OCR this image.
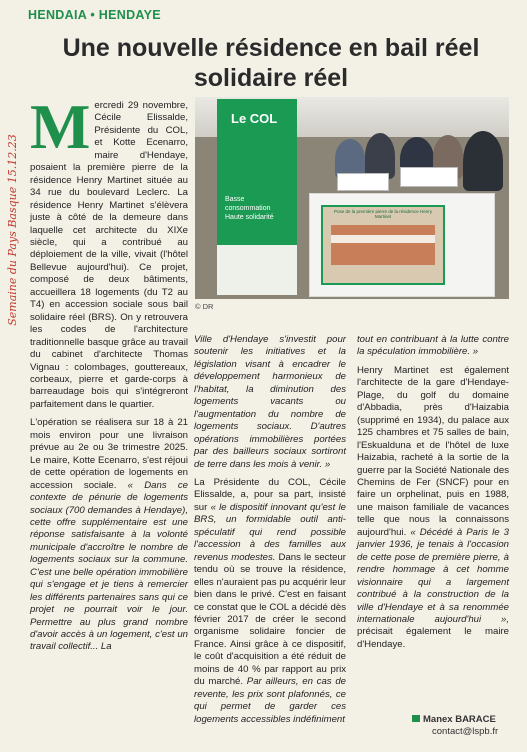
HENDAIA • HENDAYE
Semaine du Pays Basque 15.12.23
Une nouvelle résidence en bail réel solidaire réel
Le COL
Basse consommation Haute solidarité
Pose de la première pierre de la résidence Henry Martinet
© DR

Mercredi 29 novembre, Cécile Elissalde, Présidente du COL, et Kotte Ecenarro, maire d'Hendaye, posaient la première pierre de la résidence Henry Martinet située au 34 rue du boulevard Leclerc. La résidence Henry Martinet s'élèvera juste à côté de la demeure dans laquelle cet architecte du XIXe siècle, qui a contribué au déploiement de la ville, vivait (l'hôtel Bellevue aujourd'hui). Ce projet, composé de deux bâtiments, accueillera 18 logements (du T2 au T4) en accession sociale sous bail solidaire réel (BRS). On y retrouvera les codes de l'architecture traditionnelle basque grâce au travail du cabinet d'architecte Thomas Vignau : colombages, gouttereaux, corbeaux, pierre et garde-corps à barreaudage bois qui s'intégreront parfaitement dans le quartier.

L'opération se réalisera sur 18 à 21 mois environ pour une livraison prévue au 2e ou 3e trimestre 2025. Le maire, Kotte Ecenarro, s'est réjoui de cette opération de logements en accession sociale. « Dans ce contexte de pénurie de logements sociaux (700 demandes à Hendaye), cette offre supplémentaire est une réponse satisfaisante à la volonté municipale d'accroître le nombre de logements sociaux sur la commune. C'est une belle opération immobilière qui s'engage et je tiens à remercier les différents partenaires sans qui ce projet ne pourrait voir le jour. Permettre au plus grand nombre d'avoir accès à un logement, c'est un travail collectif... La

Ville d'Hendaye s'investit pour soutenir les initiatives et la législation visant à encadrer le développement harmonieux de l'habitat, la diminution des logements vacants ou l'augmentation du nombre de logements sociaux. D'autres opérations immobilières portées par des bailleurs sociaux sortiront de terre dans les mois à venir. »

La Présidente du COL, Cécile Elissalde, a, pour sa part, insisté sur « le dispositif innovant qu'est le BRS, un formidable outil anti-spéculatif qui rend possible l'accession à des familles aux revenus modestes. Dans le secteur tendu où se trouve la résidence, elles n'auraient pas pu acquérir leur bien dans le privé. C'est en faisant ce constat que le COL a décidé dès février 2017 de créer le second organisme solidaire foncier de France. Ainsi grâce à ce dispositif, le coût d'acquisition a été réduit de moins de 40 % par rapport au prix du marché. Par ailleurs, en cas de revente, les prix sont plafonnés, ce qui permet de garder ces logements accessibles indéfiniment

tout en contribuant à la lutte contre la spéculation immobilière. »

Henry Martinet est également l'architecte de la gare d'Hendaye-Plage, du golf du domaine d'Abbadia, près d'Haizabia (supprimé en 1934), du palace aux 125 chambres et 75 salles de bain, l'Eskualduna et de l'hôtel de luxe Haizabia, racheté à la sortie de la guerre par la Société Nationale des Chemins de Fer (SNCF) pour en faire un orphelinat, puis en 1988, une maison familiale de vacances telle que nous la connaissons aujourd'hui. « Décédé à Paris le 3 janvier 1936, je tenais à l'occasion de cette pose de première pierre, à rendre hommage à cet homme visionnaire qui a largement contribué à la construction de la ville d'Hendaye et à sa renommée internationale aujourd'hui », précisait également le maire d'Hendaye.

Manex BARACE
contact@lspb.fr
